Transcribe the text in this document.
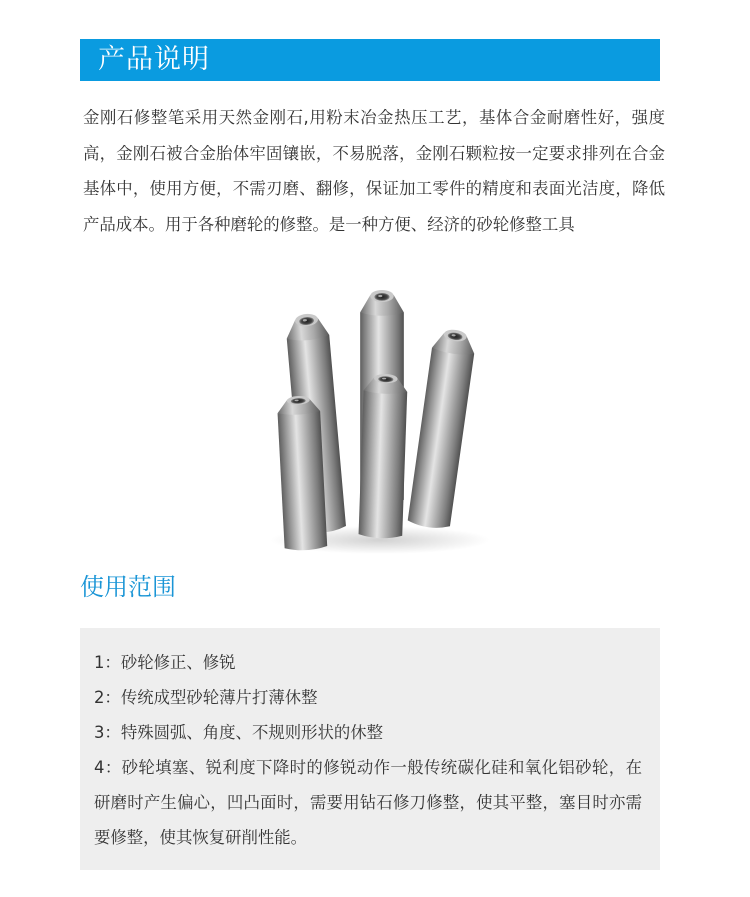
产品说明

金刚石修整笔采用天然金刚石,用粉末冶金热压工艺，基体合金耐磨性好，强度高，金刚石被合金胎体牢固镶嵌，不易脱落，金刚石颗粒按一定要求排列在合金基体中，使用方便，不需刃磨、翻修，保证加工零件的精度和表面光洁度，降低产品成本。用于各种磨轮的修整。是一种方便、经济的砂轮修整工具

使用范围
1：砂轮修正、修锐
2：传统成型砂轮薄片打薄休整
3：特殊圆弧、角度、不规则形状的休整
4：砂轮填塞、锐利度下降时的修锐动作一般传统碳化硅和氧化铝砂轮，在研磨时产生偏心，凹凸面时，需要用钻石修刀修整，使其平整，塞目时亦需要修整，使其恢复研削性能。
